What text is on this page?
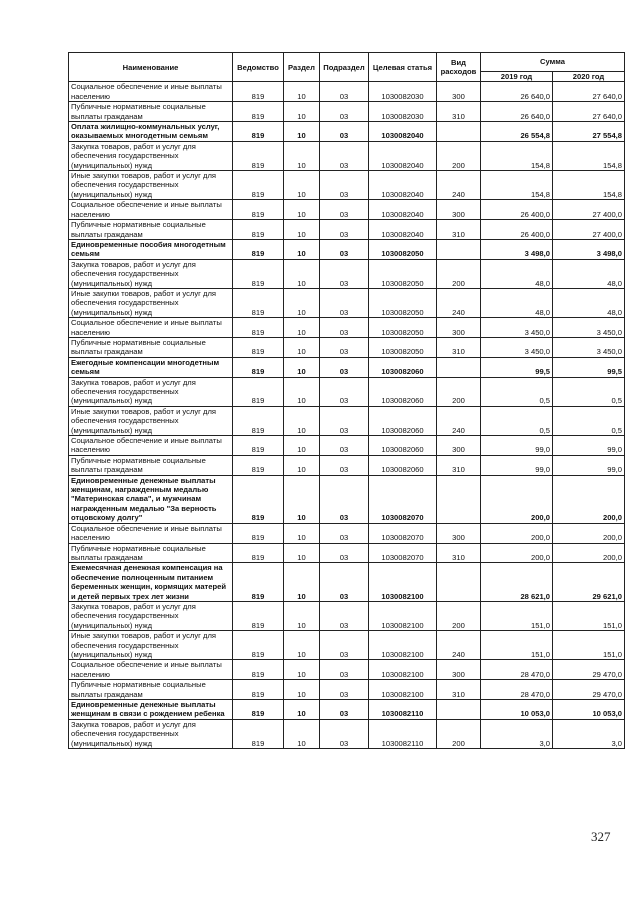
Наименование	Ведомство	Раздел	Подраздел	Целевая статья	Вид расходов	Сумма	
						2019 год	2020 год
Социальное обеспечение и иные выплаты населению	819	10	03	1030082030	300	26 640,0	27 640,0
Публичные нормативные социальные выплаты гражданам	819	10	03	1030082030	310	26 640,0	27 640,0
Оплата жилищно-коммунальных услуг, оказываемых многодетным семьям	819	10	03	1030082040		26 554,8	27 554,8
Закупка товаров, работ и услуг для обеспечения государственных (муниципальных) нужд	819	10	03	1030082040	200	154,8	154,8
Иные закупки товаров, работ и услуг для обеспечения государственных (муниципальных) нужд	819	10	03	1030082040	240	154,8	154,8
Социальное обеспечение и иные выплаты населению	819	10	03	1030082040	300	26 400,0	27 400,0
Публичные нормативные социальные выплаты гражданам	819	10	03	1030082040	310	26 400,0	27 400,0
Единовременные пособия многодетным семьям	819	10	03	1030082050		3 498,0	3 498,0
Закупка товаров, работ и услуг для обеспечения государственных (муниципальных) нужд	819	10	03	1030082050	200	48,0	48,0
Иные закупки товаров, работ и услуг для обеспечения государственных (муниципальных) нужд	819	10	03	1030082050	240	48,0	48,0
Социальное обеспечение и иные выплаты населению	819	10	03	1030082050	300	3 450,0	3 450,0
Публичные нормативные социальные выплаты гражданам	819	10	03	1030082050	310	3 450,0	3 450,0
Ежегодные компенсации многодетным семьям	819	10	03	1030082060		99,5	99,5
Закупка товаров, работ и услуг для обеспечения государственных (муниципальных) нужд	819	10	03	1030082060	200	0,5	0,5
Иные закупки товаров, работ и услуг для обеспечения государственных (муниципальных) нужд	819	10	03	1030082060	240	0,5	0,5
Социальное обеспечение и иные выплаты населению	819	10	03	1030082060	300	99,0	99,0
Публичные нормативные социальные выплаты гражданам	819	10	03	1030082060	310	99,0	99,0
Единовременные денежные выплаты женщинам, награжденным медалью "Материнская слава", и мужчинам награжденным медалью "За верность отцовскому долгу"	819	10	03	1030082070		200,0	200,0
Социальное обеспечение и иные выплаты населению	819	10	03	1030082070	300	200,0	200,0
Публичные нормативные социальные выплаты гражданам	819	10	03	1030082070	310	200,0	200,0
Ежемесячная денежная компенсация на обеспечение полноценным питанием беременных женщин, кормящих матерей и детей первых трех лет жизни	819	10	03	1030082100		28 621,0	29 621,0
Закупка товаров, работ и услуг для обеспечения государственных (муниципальных) нужд	819	10	03	1030082100	200	151,0	151,0
Иные закупки товаров, работ и услуг для обеспечения государственных (муниципальных) нужд	819	10	03	1030082100	240	151,0	151,0
Социальное обеспечение и иные выплаты населению	819	10	03	1030082100	300	28 470,0	29 470,0
Публичные нормативные социальные выплаты гражданам	819	10	03	1030082100	310	28 470,0	29 470,0
Единовременные денежные выплаты женщинам в связи с рождением ребенка	819	10	03	1030082110		10 053,0	10 053,0
Закупка товаров, работ и услуг для обеспечения государственных (муниципальных) нужд	819	10	03	1030082110	200	3,0	3,0
327
